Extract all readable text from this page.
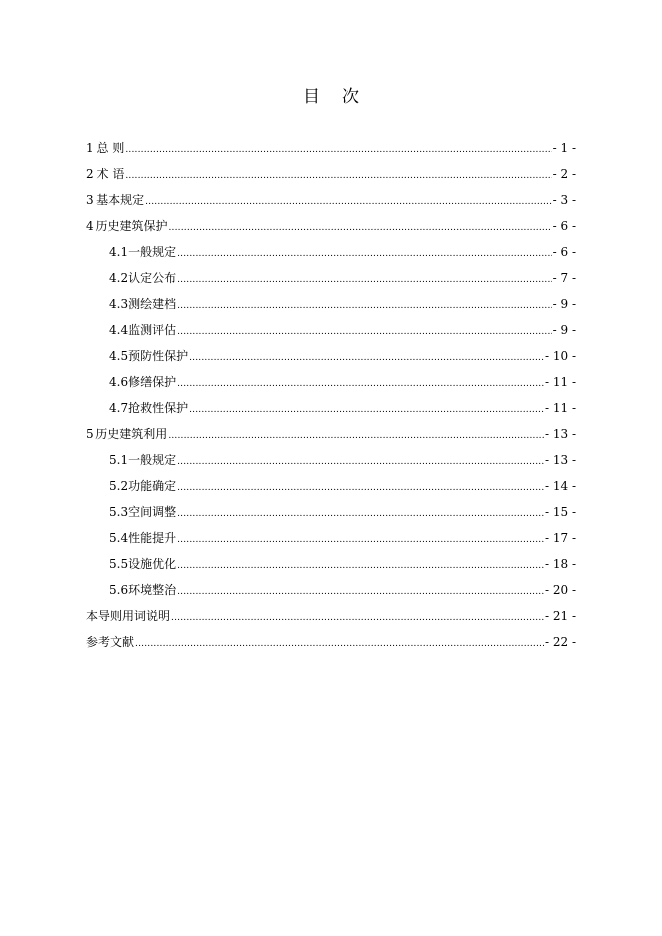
目 次
1 总 则 .....	- 1 -
2 术 语 .....	- 2 -
3 基本规定 .....	- 3 -
4 历史建筑保护 .....	- 6 -
4.1 一般规定 .....	- 6 -
4.2 认定公布 .....	- 7 -
4.3 测绘建档 .....	- 9 -
4.4 监测评估 .....	- 9 -
4.5 预防性保护 .....	- 10 -
4.6 修缮保护 .....	- 11 -
4.7 抢救性保护 .....	- 11 -
5 历史建筑利用 .....	- 13 -
5.1 一般规定 .....	- 13 -
5.2 功能确定 .....	- 14 -
5.3 空间调整 .....	- 15 -
5.4 性能提升 .....	- 17 -
5.5 设施优化 .....	- 18 -
5.6 环境整治 .....	- 20 -
本导则用词说明 .....	- 21 -
参考文献 .....	- 22 -
